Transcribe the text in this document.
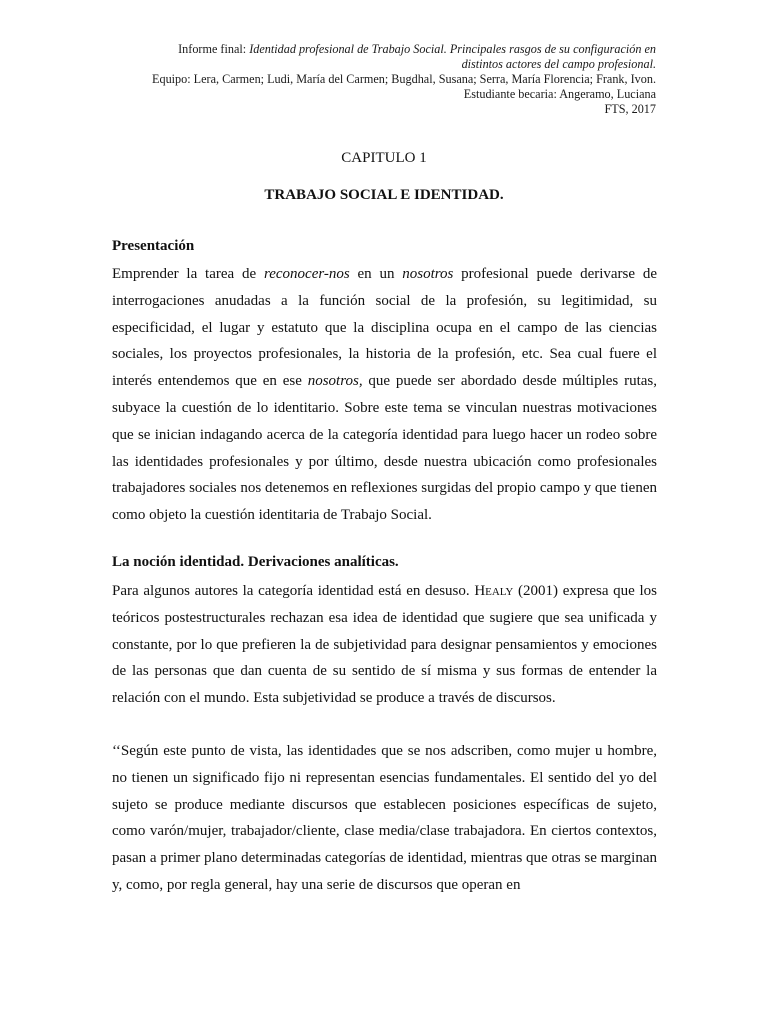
Informe final: Identidad profesional de Trabajo Social. Principales rasgos de su configuración en
distintos actores del campo profesional.
Equipo: Lera, Carmen; Ludi, María del Carmen; Bugdhal, Susana; Serra, María Florencia; Frank, Ivon.
Estudiante becaria: Angeramo, Luciana
FTS, 2017
CAPITULO 1
TRABAJO SOCIAL E IDENTIDAD.
Presentación

Emprender la tarea de reconocer-nos en un nosotros profesional puede derivarse de interrogaciones anudadas a la función social de la profesión, su legitimidad, su especificidad, el lugar y estatuto que la disciplina ocupa en el campo de las ciencias sociales, los proyectos profesionales, la historia de la profesión, etc. Sea cual fuere el interés entendemos que en ese nosotros, que puede ser abordado desde múltiples rutas, subyace la cuestión de lo identitario. Sobre este tema se vinculan nuestras motivaciones que se inician indagando acerca de la categoría identidad para luego hacer un rodeo sobre las identidades profesionales y por último, desde nuestra ubicación como profesionales trabajadores sociales nos detenemos en reflexiones surgidas del propio campo y que tienen como objeto la cuestión identitaria de Trabajo Social.

La noción identidad. Derivaciones analíticas.

Para algunos autores la categoría identidad está en desuso. Healy (2001) expresa que los teóricos postestructurales rechazan esa idea de identidad que sugiere que sea unificada y constante, por lo que prefieren la de subjetividad para designar pensamientos y emociones de las personas que dan cuenta de su sentido de sí misma y sus formas de entender la relación con el mundo. Esta subjetividad se produce a través de discursos.

‘‘Según este punto de vista, las identidades que se nos adscriben, como mujer u hombre, no tienen un significado fijo ni representan esencias fundamentales. El sentido del yo del sujeto se produce mediante discursos que establecen posiciones específicas de sujeto, como varón/mujer, trabajador/cliente, clase media/clase trabajadora. En ciertos contextos, pasan a primer plano determinadas categorías de identidad, mientras que otras se marginan y, como, por regla general, hay una serie de discursos que operan en
